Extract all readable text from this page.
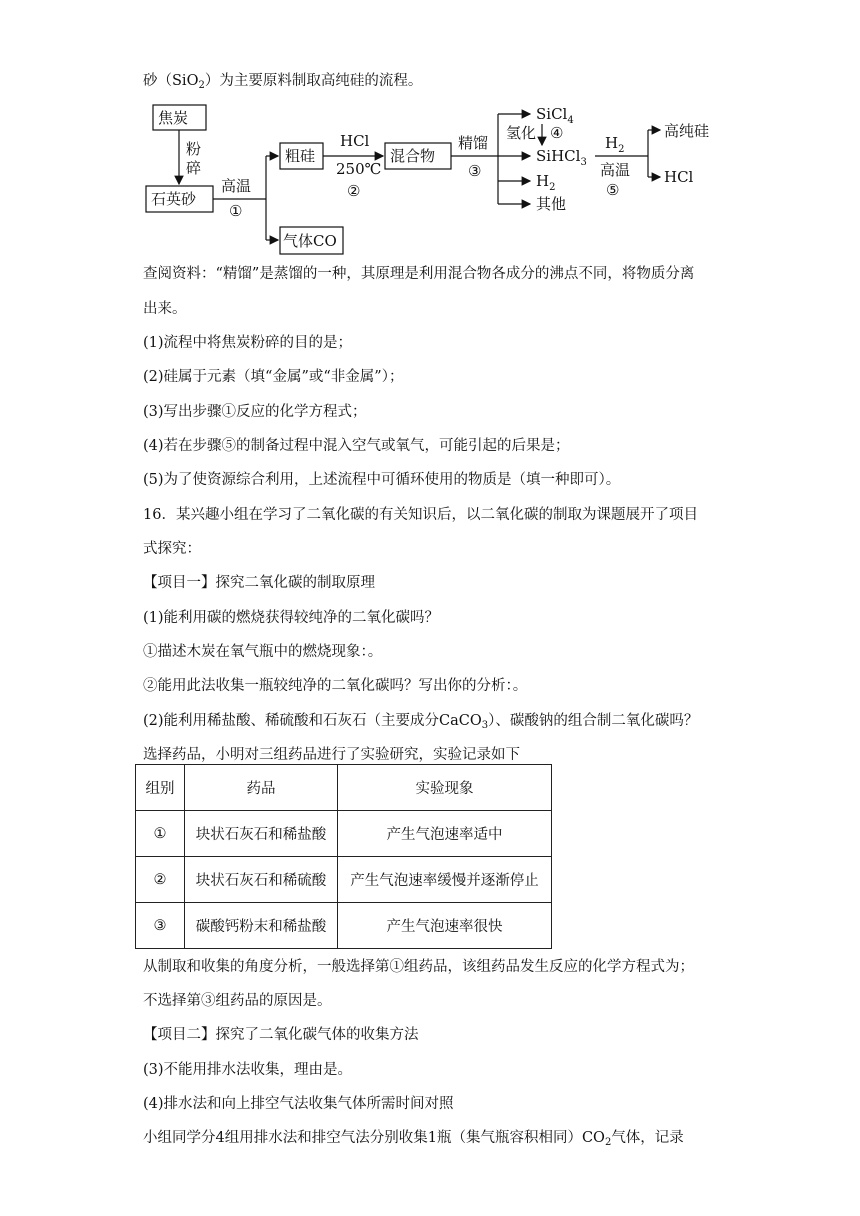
砂（SiO$_2$）为主要原料制取高纯硅的流程。
焦炭
粉
碎
石英砂
高温
①
粗硅
气体CO
HCl
250℃
②
混合物
精馏
③
SiCl$_4$
氢化 ④
SiHCl$_3$
$H_2$
其他
$H_2$
高温
⑤
高纯硅
HCl
查阅资料：“精馏”是蒸馏的一种，其原理是利用混合物各成分的沸点不同，将物质分离
出来。
(1)流程中将焦炭粉碎的目的是；
(2)硅属于元素（填“金属”或“非金属”）；
(3)写出步骤①反应的化学方程式；
(4)若在步骤⑤的制备过程中混入空气或氧气，可能引起的后果是；
(5)为了使资源综合利用，上述流程中可循环使用的物质是（填一种即可）。
16．某兴趣小组在学习了二氧化碳的有关知识后，以二氧化碳的制取为课题展开了项目
式探究：
【项目一】探究二氧化碳的制取原理
(1)能利用碳的燃烧获得较纯净的二氧化碳吗？
①描述木炭在氧气瓶中的燃烧现象：。
②能用此法收集一瓶较纯净的二氧化碳吗？写出你的分析：。
(2)能利用稀盐酸、稀硫酸和石灰石（主要成分CaCO$_3$）、碳酸钠的组合制二氧化碳吗？
选择药品，小明对三组药品进行了实验研究，实验记录如下
组别	药品	实验现象
①	块状石灰石和稀盐酸	产生气泡速率适中
②	块状石灰石和稀硫酸	产生气泡速率缓慢并逐渐停止
③	碳酸钙粉末和稀盐酸	产生气泡速率很快
从制取和收集的角度分析，一般选择第①组药品，该组药品发生反应的化学方程式为；
不选择第③组药品的原因是。
【项目二】探究了二氧化碳气体的收集方法
(3)不能用排水法收集，理由是。
(4)排水法和向上排空气法收集气体所需时间对照
小组同学分4组用排水法和排空气法分别收集1瓶（集气瓶容积相同）$CO_2$气体，记录
